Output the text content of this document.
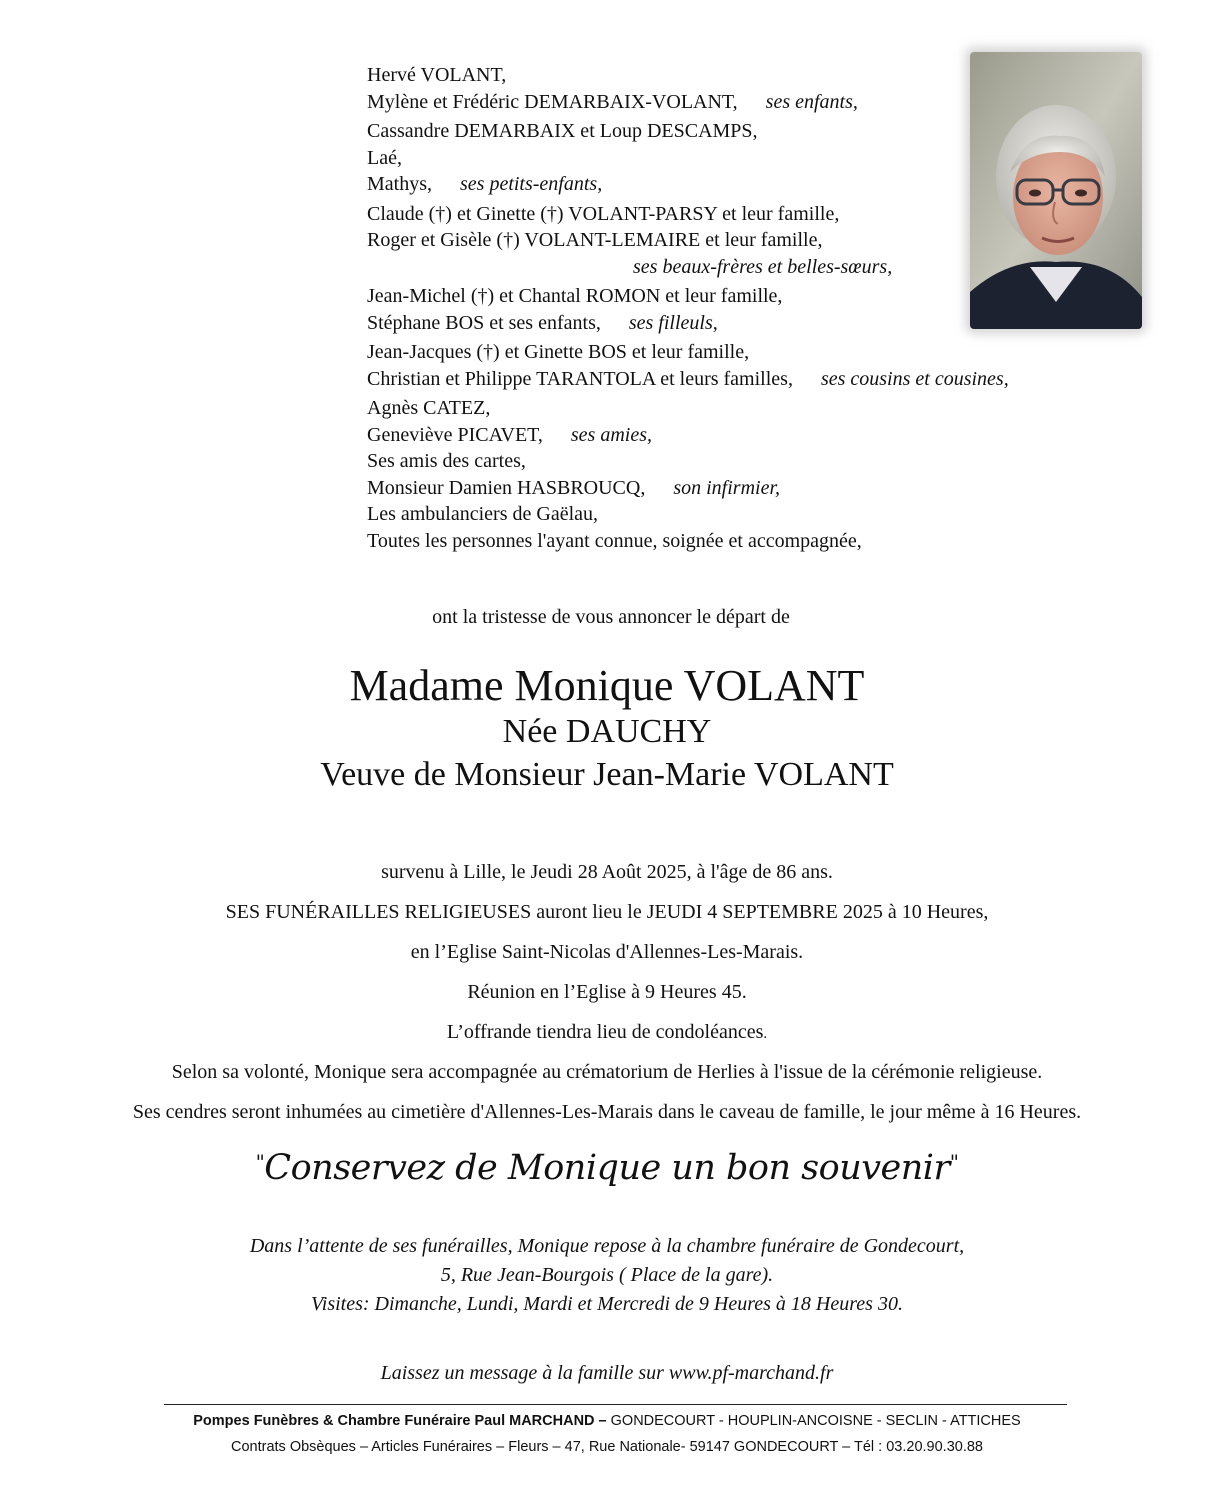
Hervé VOLANT,
Mylène et Frédéric DEMARBAIX-VOLANT, ses enfants,
Cassandre DEMARBAIX et Loup DESCAMPS,
Laé,
Mathys, ses petits-enfants,
Claude (†) et Ginette (†) VOLANT-PARSY et leur famille,
Roger et Gisèle (†) VOLANT-LEMAIRE et leur famille,
ses beaux-frères et belles-sœurs,
Jean-Michel (†) et Chantal ROMON et leur famille,
Stéphane BOS et ses enfants, ses filleuls,
Jean-Jacques (†) et Ginette BOS et leur famille,
Christian et Philippe TARANTOLA et leurs familles, ses cousins et cousines,
Agnès CATEZ,
Geneviève PICAVET, ses amies,
Ses amis des cartes,
Monsieur Damien HASBROUCQ, son infirmier,
Les ambulanciers de Gaëlau,
Toutes les personnes l'ayant connue, soignée et accompagnée,
ont la tristesse de vous annoncer le départ de
Madame Monique VOLANT
Née DAUCHY
Veuve de Monsieur Jean-Marie VOLANT
survenu à Lille, le Jeudi 28 Août 2025, à l'âge de 86 ans.
SES FUNÉRAILLES RELIGIEUSES auront lieu le JEUDI 4 SEPTEMBRE 2025 à 10 Heures,
en l’Eglise Saint-Nicolas d'Allennes-Les-Marais.
Réunion en l’Eglise à 9 Heures 45.
L’offrande tiendra lieu de condoléances.
Selon sa volonté, Monique sera accompagnée au crématorium de Herlies à l'issue de la cérémonie religieuse.
Ses cendres seront inhumées au cimetière d'Allennes-Les-Marais dans le caveau de famille, le jour même à 16 Heures.
"Conservez de Monique un bon souvenir"
Dans l’attente de ses funérailles, Monique repose à la chambre funéraire de Gondecourt,
5, Rue Jean-Bourgois ( Place de la gare).
Visites: Dimanche, Lundi, Mardi et Mercredi de 9 Heures à 18 Heures 30.
Laissez un message à la famille sur www.pf-marchand.fr
Pompes Funèbres & Chambre Funéraire Paul MARCHAND – GONDECOURT - HOUPLIN-ANCOISNE - SECLIN - ATTICHES
Contrats Obsèques – Articles Funéraires – Fleurs – 47, Rue Nationale- 59147 GONDECOURT – Tél : 03.20.90.30.88
